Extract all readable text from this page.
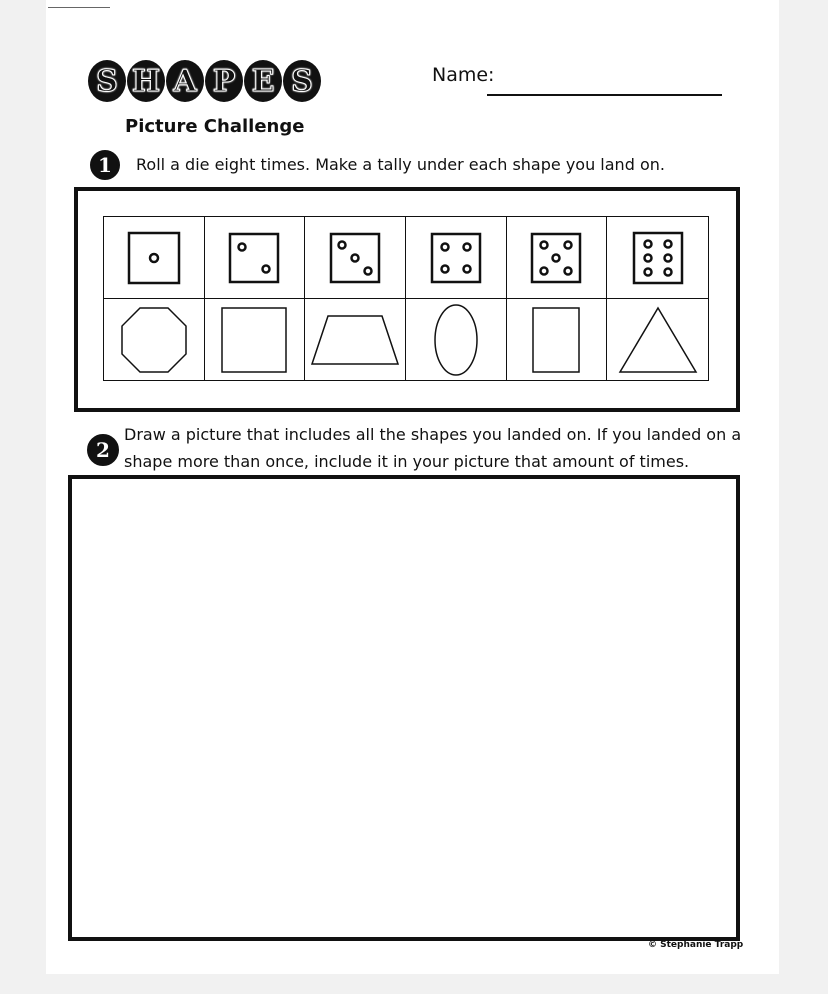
S H A P E S
Picture Challenge
Name:
1 Roll a die eight times. Make a tally under each shape you land on.
2
Draw a picture that includes all the shapes you landed on. If you landed on a
shape more than once, include it in your picture that amount of times.
© Stephanie Trapp
